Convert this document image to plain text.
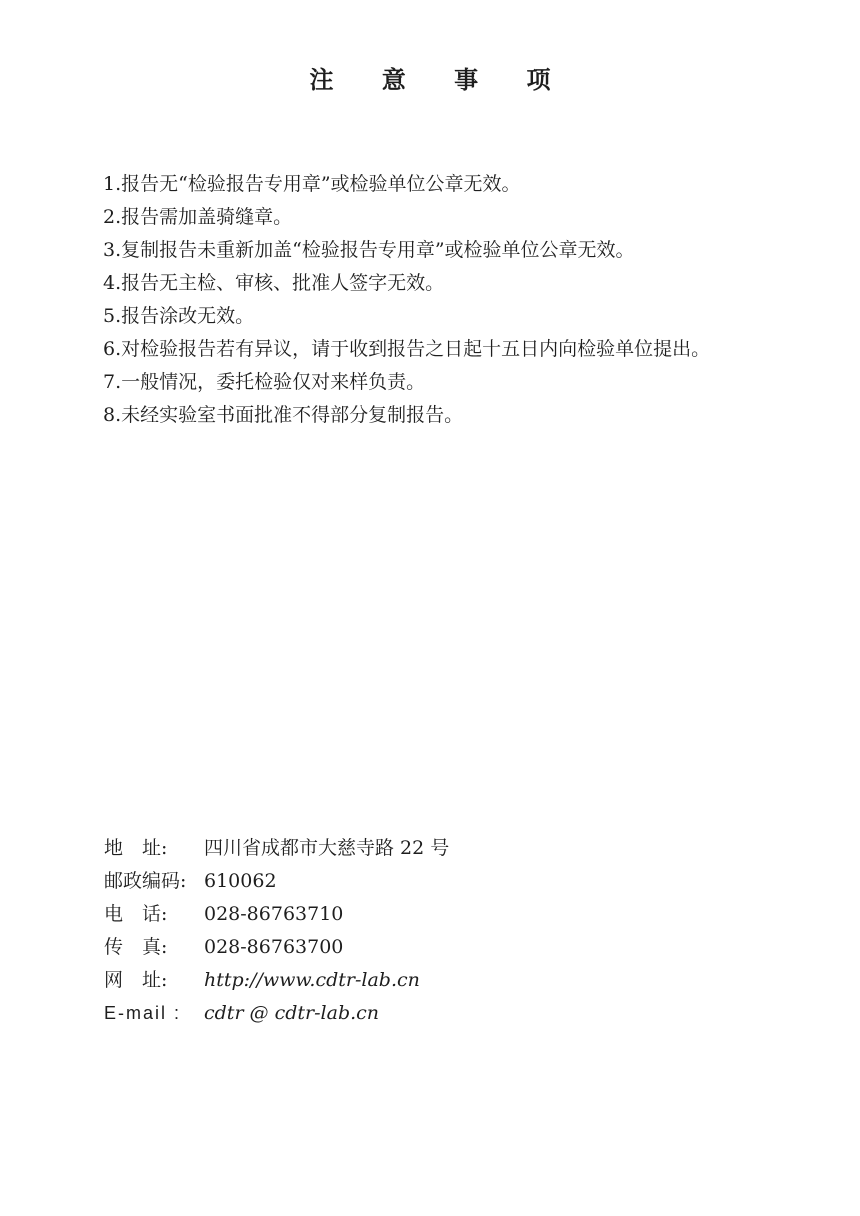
注 意 事 项
1.报告无“检验报告专用章”或检验单位公章无效。
2.报告需加盖骑缝章。
3.复制报告未重新加盖“检验报告专用章”或检验单位公章无效。
4.报告无主检、审核、批准人签字无效。
5.报告涂改无效。
6.对检验报告若有异议，请于收到报告之日起十五日内向检验单位提出。
7.一般情况，委托检验仅对来样负责。
8.未经实验室书面批准不得部分复制报告。
地　址:	四川省成都市大慈寺路 22 号
邮政编码: 610062
电　话:	028-86763710
传　真:	028-86763700
网　址:	http://www.cdtr-lab.cn
E-mail :	cdtr @ cdtr-lab.cn
